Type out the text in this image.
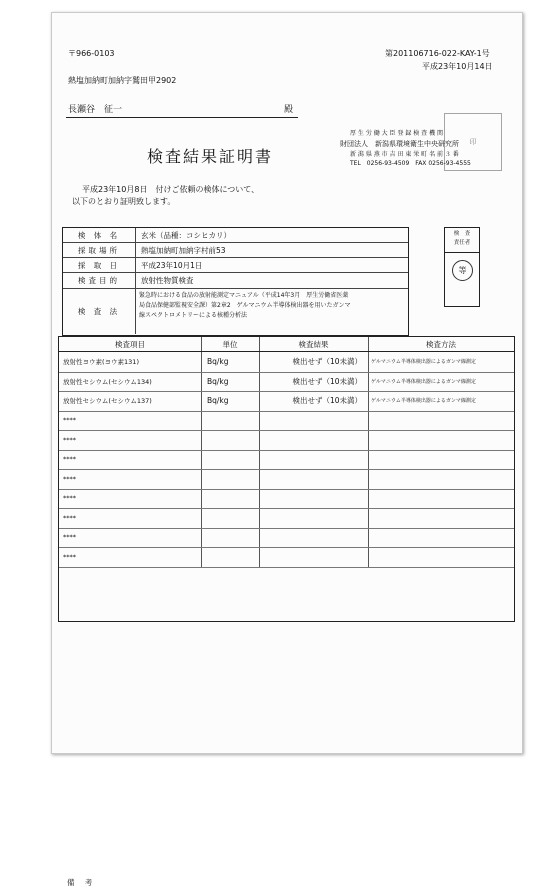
〒966-0103
熱塩加納町加納字鷲田甲2902
第201106716-022-KAY-1号
平成23年10月14日
長瀬谷　征一	殿
印
厚 生 労 働 大 臣 登 録 検 査 機 関
財団法人　新潟県環境衛生中央研究所
新 潟 県 燕 市 吉 田 東 栄 町 名 前 ３ 番
TEL　0256-93-4509　FAX 0256-93-4555
検査結果証明書
平成23年10月8日　付けご依頼の検体について、
以下のとおり証明致します。
検 体 名	玄米（品種：コシヒカリ）
採取場所	熱塩加納町加納字村前53
採 取 日	平成23年10月1日
検査目的	放射性物質検査
検 査 法
緊急時における食品の放射能測定マニュアル（平成14年3月　厚生労働省医薬
局食品保健部監視安全課）第2章2　ゲルマニウム半導体検出器を用いたガンマ
線スペクトロメトリーによる核種分析法
検　査
責任者
等
検査項目	単位	検査結果	検査方法
放射性ヨウ素(ヨウ素131)	Bq/kg	検出せず（10未満）	ゲルマニウム半導体検出器によるガンマ線測定
放射性セシウム(セシウム134)	Bq/kg	検出せず（10未満）	ゲルマニウム半導体検出器によるガンマ線測定
放射性セシウム(セシウム137)	Bq/kg	検出せず（10未満）	ゲルマニウム半導体検出器によるガンマ線測定
****
****
****
****
****
****
****
****
備 考
